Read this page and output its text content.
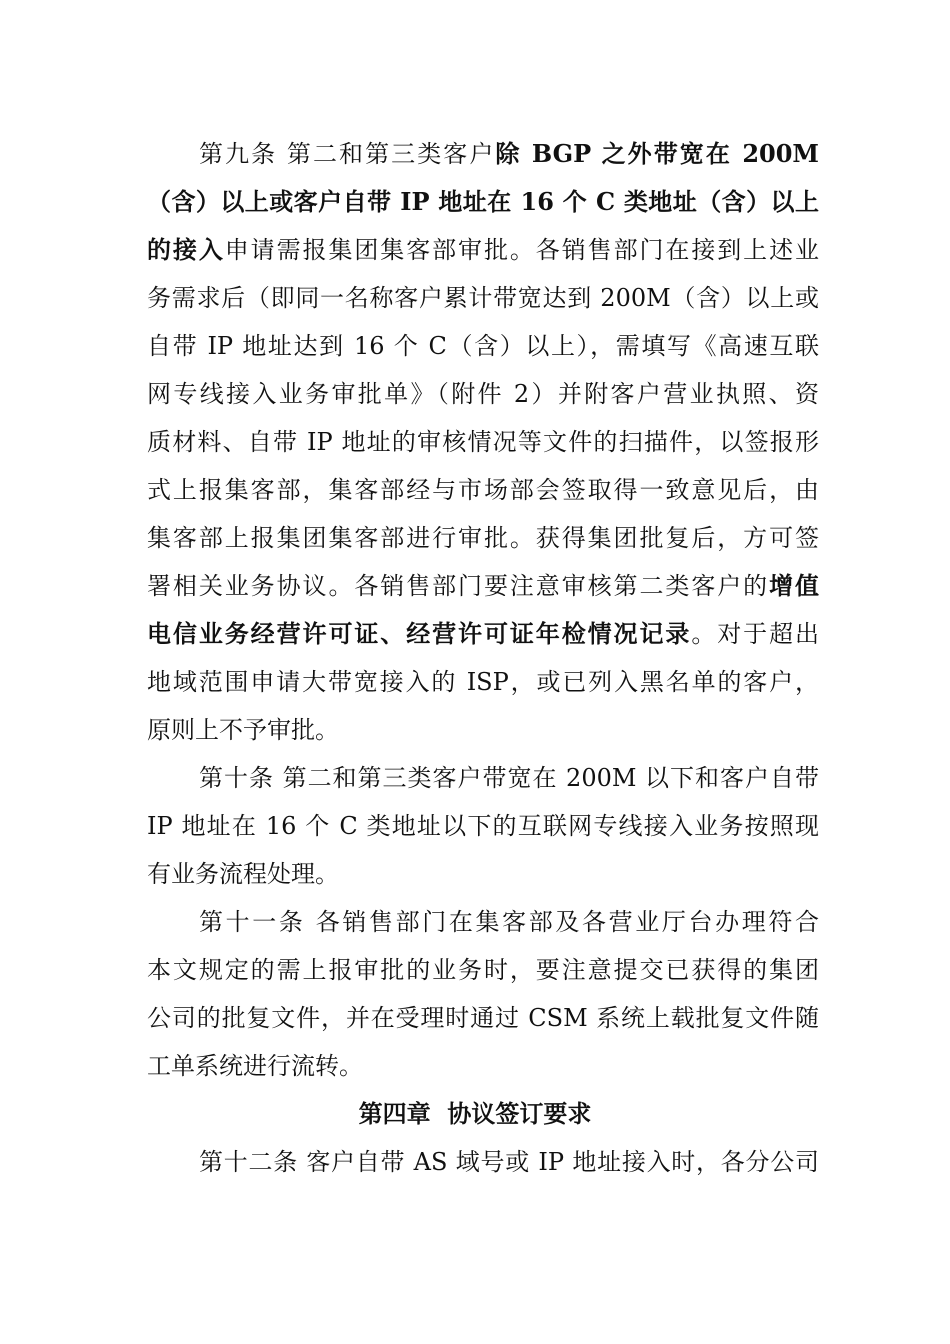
第九条 第二和第三类客户除 BGP 之外带宽在 200M
（含）以上或客户自带 IP 地址在 16 个 C 类地址（含）以上
的接入申请需报集团集客部审批。各销售部门在接到上述业
务需求后（即同一名称客户累计带宽达到 200M（含）以上或
自带 IP 地址达到 16 个 C（含）以上），需填写《高速互联
网专线接入业务审批单》（附件 2）并附客户营业执照、资
质材料、自带 IP 地址的审核情况等文件的扫描件，以签报形
式上报集客部，集客部经与市场部会签取得一致意见后，由
集客部上报集团集客部进行审批。获得集团批复后，方可签
署相关业务协议。各销售部门要注意审核第二类客户的增值
电信业务经营许可证、经营许可证年检情况记录。对于超出
地域范围申请大带宽接入的 ISP，或已列入黑名单的客户，
原则上不予审批。
第十条 第二和第三类客户带宽在 200M 以下和客户自带
IP 地址在 16 个 C 类地址以下的互联网专线接入业务按照现
有业务流程处理。
第十一条 各销售部门在集客部及各营业厅台办理符合
本文规定的需上报审批的业务时，要注意提交已获得的集团
公司的批复文件，并在受理时通过 CSM 系统上载批复文件随
工单系统进行流转。
第四章  协议签订要求
第十二条 客户自带 AS 域号或 IP 地址接入时，各分公司
